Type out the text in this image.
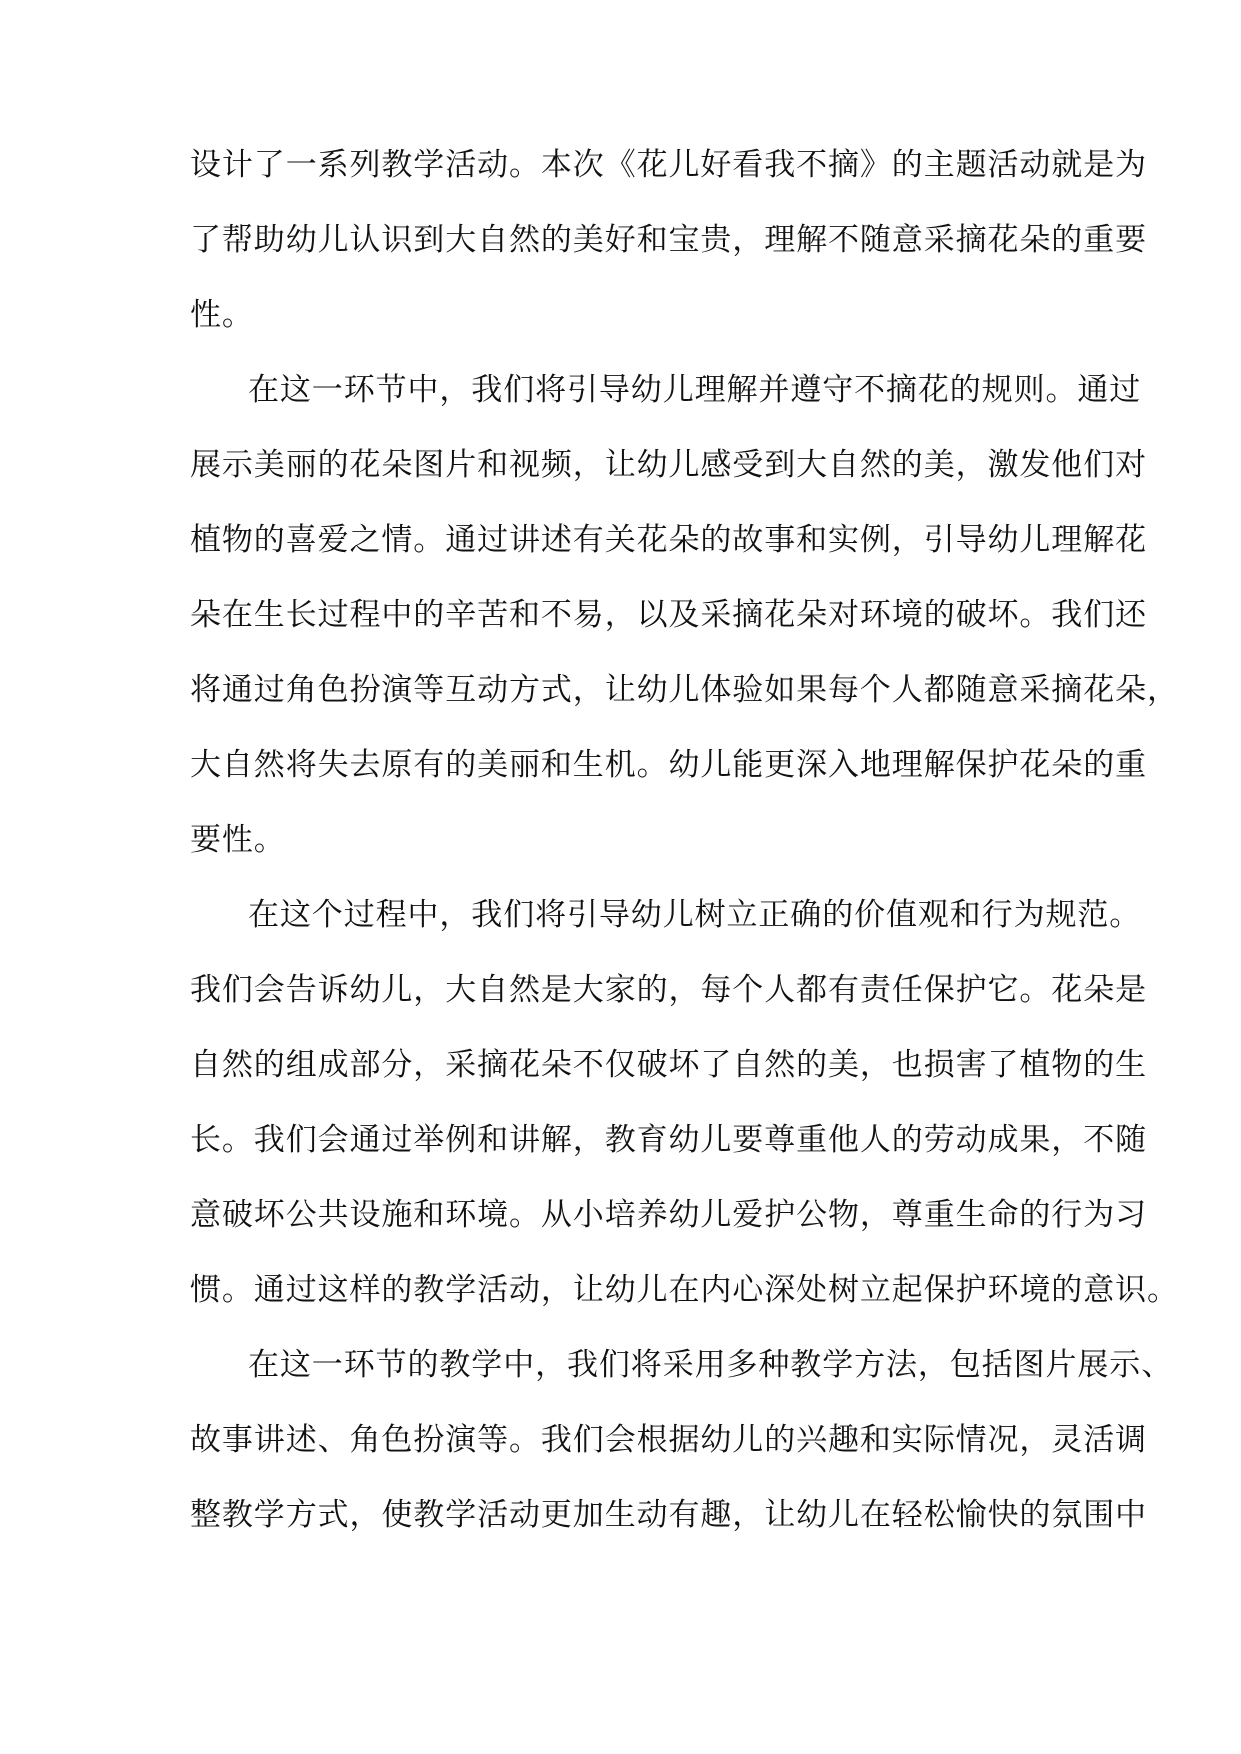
设计了一系列教学活动。本次《花儿好看我不摘》的主题活动就是为
了帮助幼儿认识到大自然的美好和宝贵，理解不随意采摘花朵的重要
性。
在这一环节中，我们将引导幼儿理解并遵守不摘花的规则。通过
展示美丽的花朵图片和视频，让幼儿感受到大自然的美，激发他们对
植物的喜爱之情。通过讲述有关花朵的故事和实例，引导幼儿理解花
朵在生长过程中的辛苦和不易，以及采摘花朵对环境的破坏。我们还
将通过角色扮演等互动方式，让幼儿体验如果每个人都随意采摘花朵，
大自然将失去原有的美丽和生机。幼儿能更深入地理解保护花朵的重
要性。
在这个过程中，我们将引导幼儿树立正确的价值观和行为规范。
我们会告诉幼儿，大自然是大家的，每个人都有责任保护它。花朵是
自然的组成部分，采摘花朵不仅破坏了自然的美，也损害了植物的生
长。我们会通过举例和讲解，教育幼儿要尊重他人的劳动成果，不随
意破坏公共设施和环境。从小培养幼儿爱护公物，尊重生命的行为习
惯。通过这样的教学活动，让幼儿在内心深处树立起保护环境的意识。
在这一环节的教学中，我们将采用多种教学方法，包括图片展示、
故事讲述、角色扮演等。我们会根据幼儿的兴趣和实际情况，灵活调
整教学方式，使教学活动更加生动有趣，让幼儿在轻松愉快的氛围中
